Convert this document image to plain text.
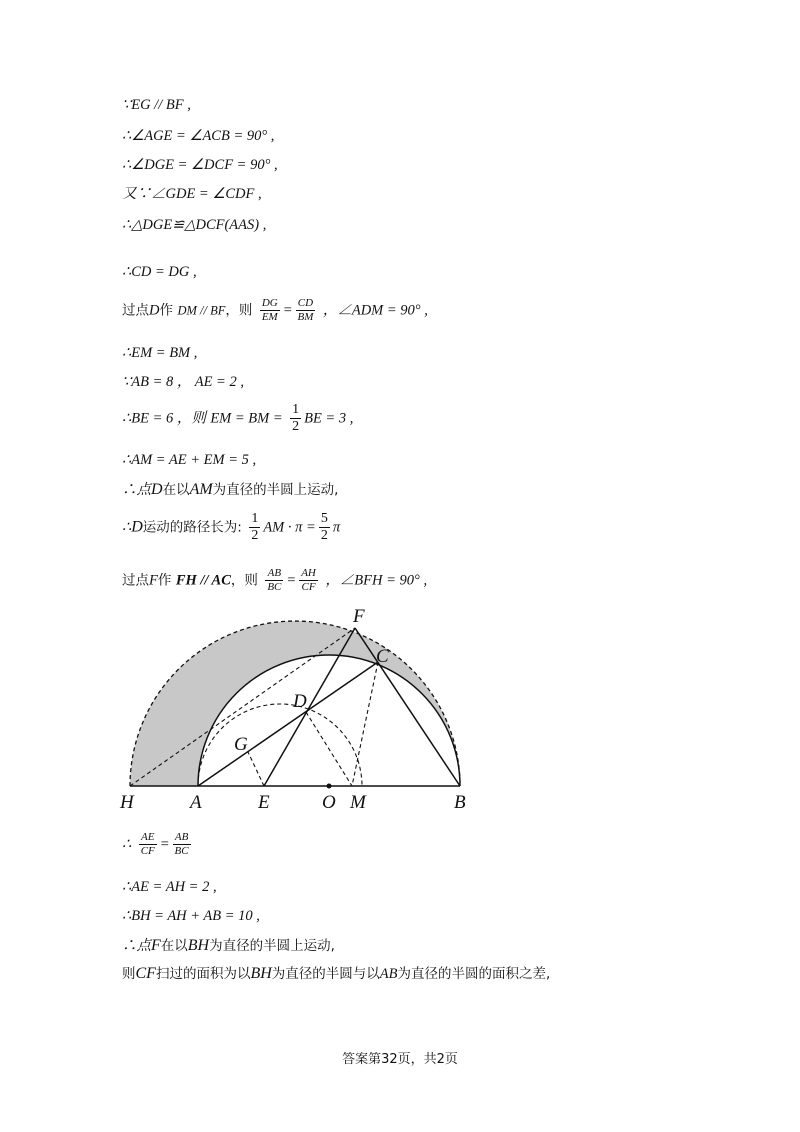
∵EG // BF ,
∴∠AGE = ∠ACB = 90° ,
∴∠DGE = ∠DCF = 90° ,
又∵∠GDE = ∠CDF ,
∴△DGE≌△DCF(AAS) ,
∴CD = DG ,
过点D作 DM // BF，则 $\frac{DG}{EM} = \frac{CD}{BM}$ ，∠ADM = 90° ,
∴EM = BM ,
∵AB = 8 ， AE = 2 ,
∴BE = 6 ，则 EM = BM = $\frac{1}{2}$ BE = 3 ,
∴AM = AE + EM = 5 ,
∴点D在以AM为直径的半圆上运动,
∴D运动的路径长为: $\frac{1}{2}$ AM · $\pi = \frac{5}{2}$ π
过点F作 FH // AC，则 $\frac{AB}{BC} = \frac{AH}{CF}$ ，∠BFH = 90° ,
F
C
D
G
H	A	E	O M	B
∴ $\frac{AE}{CF} = \frac{AB}{BC}$
∴AE = AH = 2 ,
∴BH = AH + AB = 10 ,
∴点F在以BH为直径的半圆上运动,
则CF扫过的面积为以BH为直径的半圆与以AB为直径的半圆的面积之差,
答案第32页，共2页
